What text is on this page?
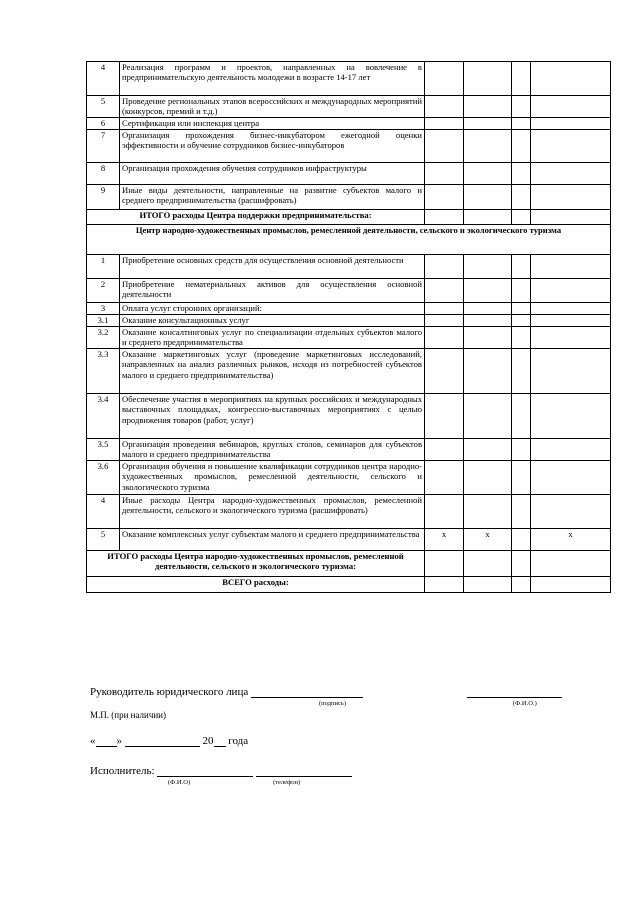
4	Реализация программ и проектов, направленных на вовлечение в предпринимательскую деятельность молодежи в возрасте 14-17 лет				
5	Проведение региональных этапов всероссийских и международных мероприятий (конкурсов, премий и т.д.)				
6	Сертификация или инспекция центра				
7	Организация прохождения бизнес-инкубатором ежегодной оценки эффективности и обучение сотрудников бизнес-инкубаторов				
8	Организация прохождения обучения сотрудников инфраструктуры				
9	Иные виды деятельности, направленные на развитие субъектов малого и среднего предпринимательства (расшифровать)				
ИТОГО расходы Центра поддержки предпринимательства:					
Центр народно-художественных промыслов, ремесленной деятельности, сельского и экологического туризма					
1	Приобретение основных средств для осуществления основной деятельности				
2	Приобретение нематериальных активов для осуществления основной деятельности				
3	Оплата услуг сторонних организаций:				
3.1	Оказание консультационных услуг				
3.2	Оказание консалтинговых услуг по специализации отдельных субъектов малого и среднего предпринимательства				
3.3	Оказание маркетинговых услуг (проведение маркетинговых исследований, направленных на анализ различных рынков, исходя из потребностей субъектов малого и среднего предпринимательства)				
3.4	Обеспечение участия в мероприятиях на крупных российских и международных выставочных площадках, конгрессно-выставочных мероприятиях с целью продвижения товаров (работ, услуг)				
3.5	Организация проведения вебинаров, круглых столов, семинаров для субъектов малого и среднего предпринимательства				
3.6	Организация обучения и повышение квалификации сотрудников центра народно-художественных промыслов, ремесленной деятельности, сельского и экологического туризма				
4	Иные расходы Центра народно-художественных промыслов, ремесленной деятельности, сельского и экологического туризма (расшифровать)				
5	Оказание комплексных услуг субъектам малого и среднего предпринимательства	х	х		х
ИТОГО расходы Центра народно-художественных промыслов, ремесленной деятельности, сельского и экологического туризма:					
ВСЕГО расходы:					
Руководитель юридического лица
(подпись)	(Ф.И.О.)
М.П. (при наличии)
« »	20 года
Исполнитель:
(Ф.И.О)	(телефон)
